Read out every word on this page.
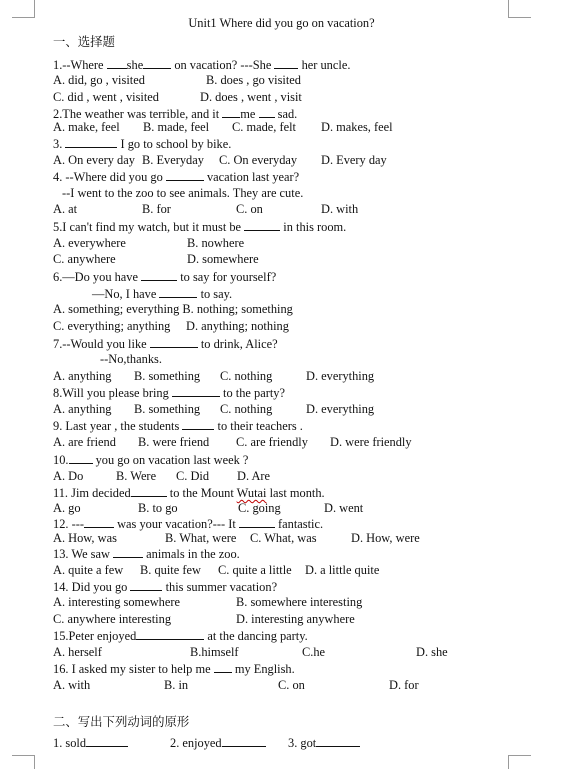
Unit1 Where did you go on vacation?
一、选择题
1.--Where she	on vacation? ---She her uncle.
A. did, go , visited	B. does , go visited
C. did , went , visited	D. does , went , visit
2.The weather was terrible, and it me sad.
A. make, feel B. made, feel C. made, felt D. makes, feel
3.	I go to school by bike.
A. On every day B. Everyday C. On everyday D. Every day
4. --Where did you go	vacation last year?
--I went to the zoo to see animals. They are cute.
A. at	B. for	C. on	D. with
5.I can't find my watch, but it must be	in this room.
A. everywhere	B. nowhere
C. anywhere	D. somewhere
6.—Do you have	to say for yourself?
—No, I have	to say.
A. something; everything B. nothing; something
C. everything; anything D. anything; nothing
7.--Would you like	to drink, Alice?
--No,thanks.
A. anything B. something C. nothing	D. everything
8.Will you please bring	to the party?
A. anything B. something C. nothing	D. everything
9. Last year , the students	to their teachers .
A. are friend B. were friend C. are friendly D. were friendly
10. you go on vacation last week ?
A. Do	B. Were C. Did D. Are
11. Jim decided	to the Mount Wutai last month.
A. go	B. to go	C. going	D. went
12. ---	was your vacation?--- It	fantastic.
A. How, was	B. What, were C. What, was	D. How, were
13. We saw	animals in the zoo.
A. quite a few B. quite few C. quite a little D. a little quite
14. Did you go	this summer vacation?
A. interesting somewhere	B. somewhere interesting
C. anywhere interesting	D. interesting anywhere
15.Peter enjoyed	at the dancing party.
A. herself	B.himself	C.he	D. she
16. I asked my sister to help me my English.
A. with	B. in	C. on	D. for
二、写出下列动词的原形
1. sold	2. enjoyed	3. got
